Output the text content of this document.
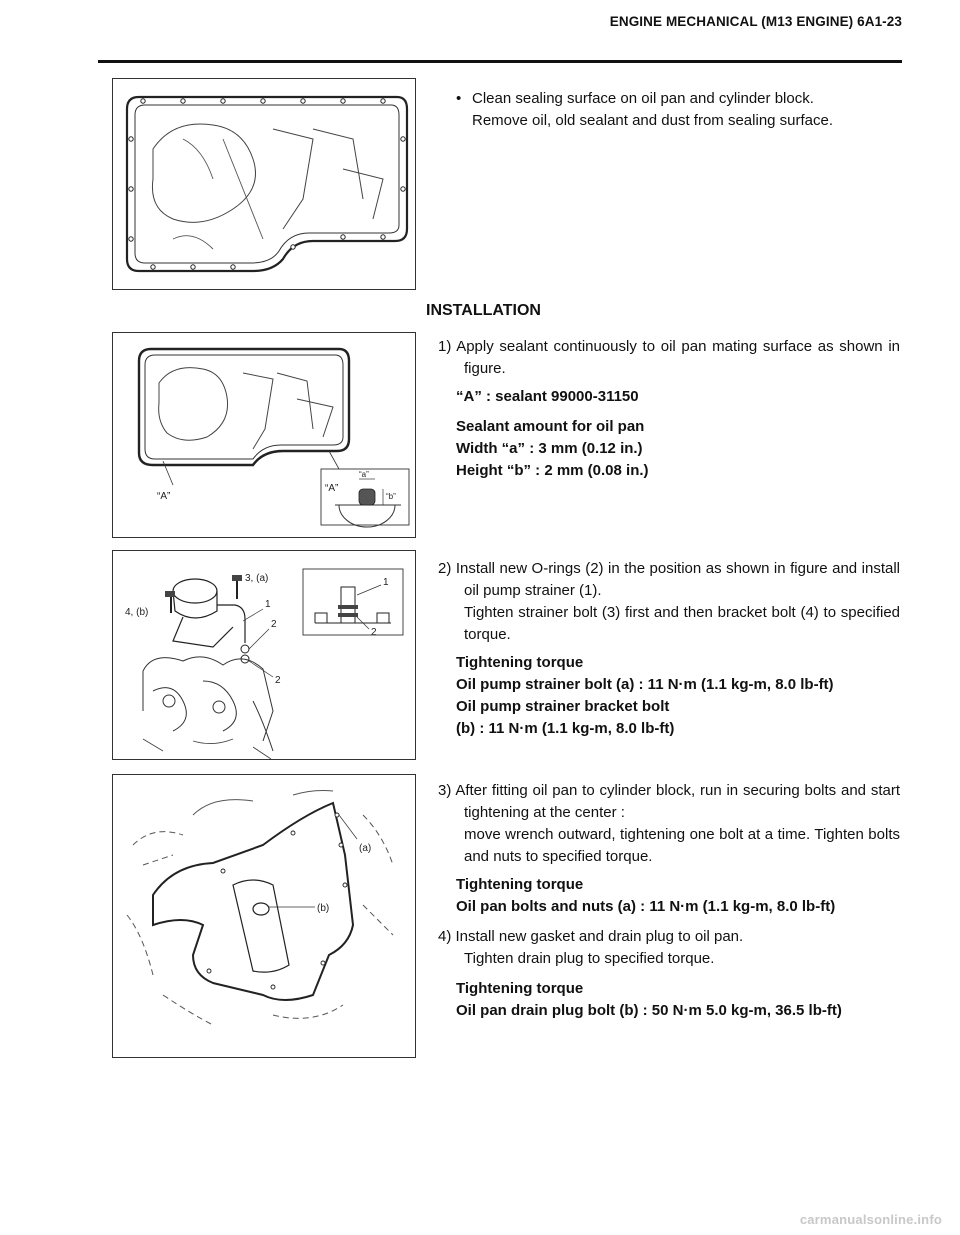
ENGINE MECHANICAL (M13 ENGINE) 6A1-23
• Clean sealing surface on oil pan and cylinder block.
Remove oil, old sealant and dust from sealing surface.
INSTALLATION
“A”
“A”
“a”
“b”
1) Apply sealant continuously to oil pan mating surface as shown in figure.
“A” : sealant 99000-31150
Sealant amount for oil pan
Width “a” : 3 mm (0.12 in.)
Height “b” : 2 mm (0.08 in.)
3, (a)
4, (b)
1
2
2
1
2
2) Install new O-rings (2) in the position as shown in figure and install oil pump strainer (1).
Tighten strainer bolt (3) first and then bracket bolt (4) to specified torque.
Tightening torque
Oil pump strainer bolt (a) : 11 N·m (1.1 kg-m, 8.0 lb-ft)
Oil pump strainer bracket bolt
(b) : 11 N·m (1.1 kg-m, 8.0 lb-ft)
(a)
(b)
3) After fitting oil pan to cylinder block, run in securing bolts and start tightening at the center :
move wrench outward, tightening one bolt at a time. Tighten bolts and nuts to specified torque.
Tightening torque
Oil pan bolts and nuts (a) : 11 N·m (1.1 kg-m, 8.0 lb-ft)
4) Install new gasket and drain plug to oil pan.
Tighten drain plug to specified torque.
Tightening torque
Oil pan drain plug bolt (b) : 50 N·m 5.0 kg-m, 36.5 lb-ft)
carmanualsonline.info
